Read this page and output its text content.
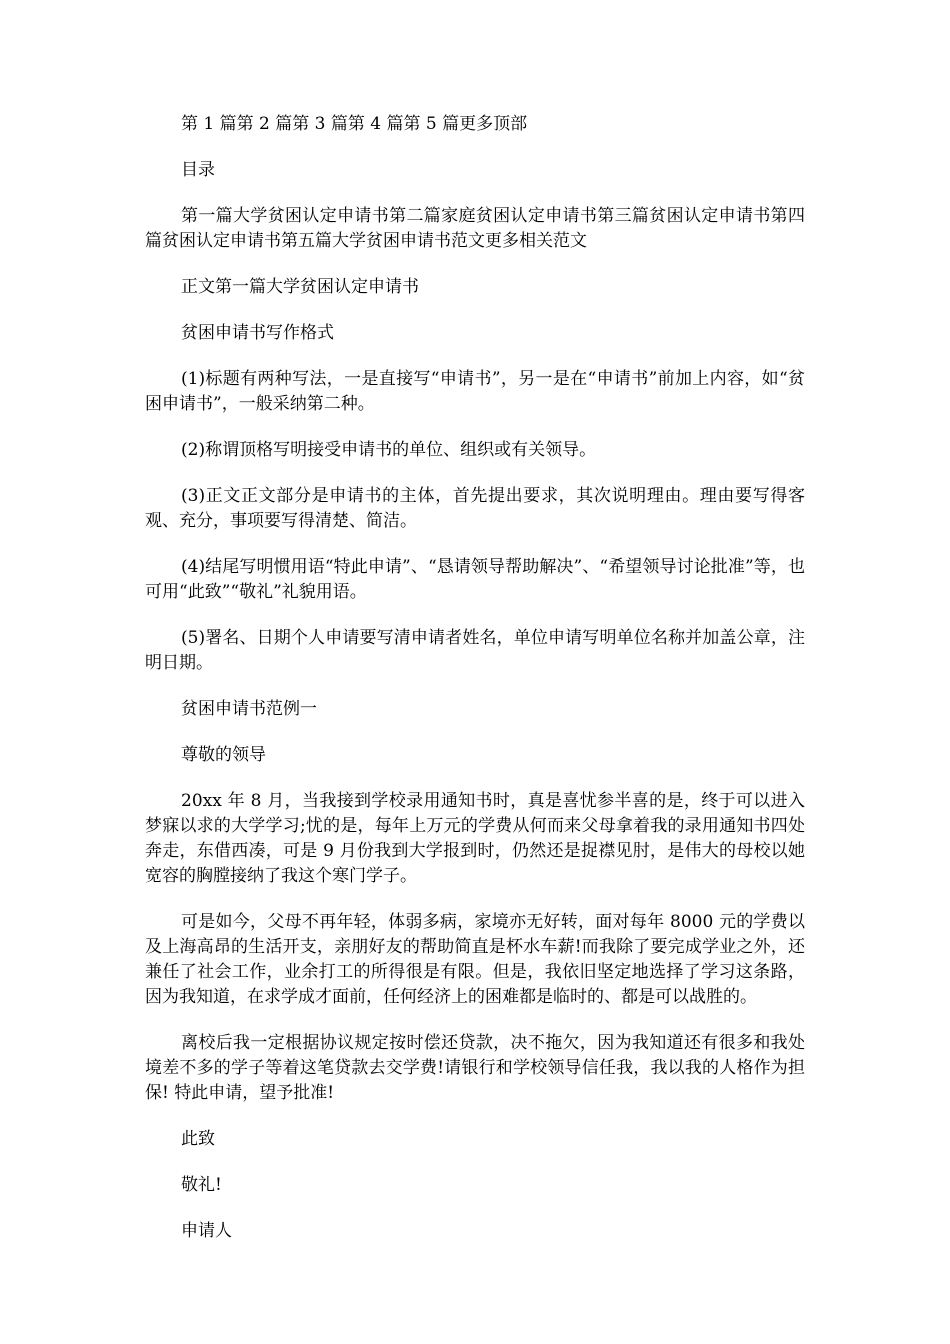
第 1 篇第 2 篇第 3 篇第 4 篇第 5 篇更多顶部

目录

第一篇大学贫困认定申请书第二篇家庭贫困认定申请书第三篇贫困认定申请书第四篇贫困认定申请书第五篇大学贫困申请书范文更多相关范文

正文第一篇大学贫困认定申请书

贫困申请书写作格式

(1)标题有两种写法，一是直接写“申请书”，另一是在“申请书”前加上内容，如“贫困申请书”，一般采纳第二种。

(2)称谓顶格写明接受申请书的单位、组织或有关领导。

(3)正文正文部分是申请书的主体，首先提出要求，其次说明理由。理由要写得客观、充分，事项要写得清楚、简洁。

(4)结尾写明惯用语“特此申请”、“恳请领导帮助解决”、“希望领导讨论批准”等，也可用“此致”“敬礼”礼貌用语。

(5)署名、日期个人申请要写清申请者姓名，单位申请写明单位名称并加盖公章，注明日期。

贫困申请书范例一

尊敬的领导

20xx 年 8 月，当我接到学校录用通知书时，真是喜忧参半喜的是，终于可以进入梦寐以求的大学学习;忧的是，每年上万元的学费从何而来父母拿着我的录用通知书四处奔走，东借西凑，可是 9 月份我到大学报到时，仍然还是捉襟见肘，是伟大的母校以她宽容的胸膛接纳了我这个寒门学子。

可是如今，父母不再年轻，体弱多病，家境亦无好转，面对每年 8000 元的学费以及上海高昂的生活开支，亲朋好友的帮助简直是杯水车薪!而我除了要完成学业之外，还兼任了社会工作，业余打工的所得很是有限。但是，我依旧坚定地选择了学习这条路，因为我知道，在求学成才面前，任何经济上的困难都是临时的、都是可以战胜的。

离校后我一定根据协议规定按时偿还贷款，决不拖欠，因为我知道还有很多和我处境差不多的学子等着这笔贷款去交学费!请银行和学校领导信任我，我以我的人格作为担保! 特此申请，望予批准!

此致

敬礼!

申请人
